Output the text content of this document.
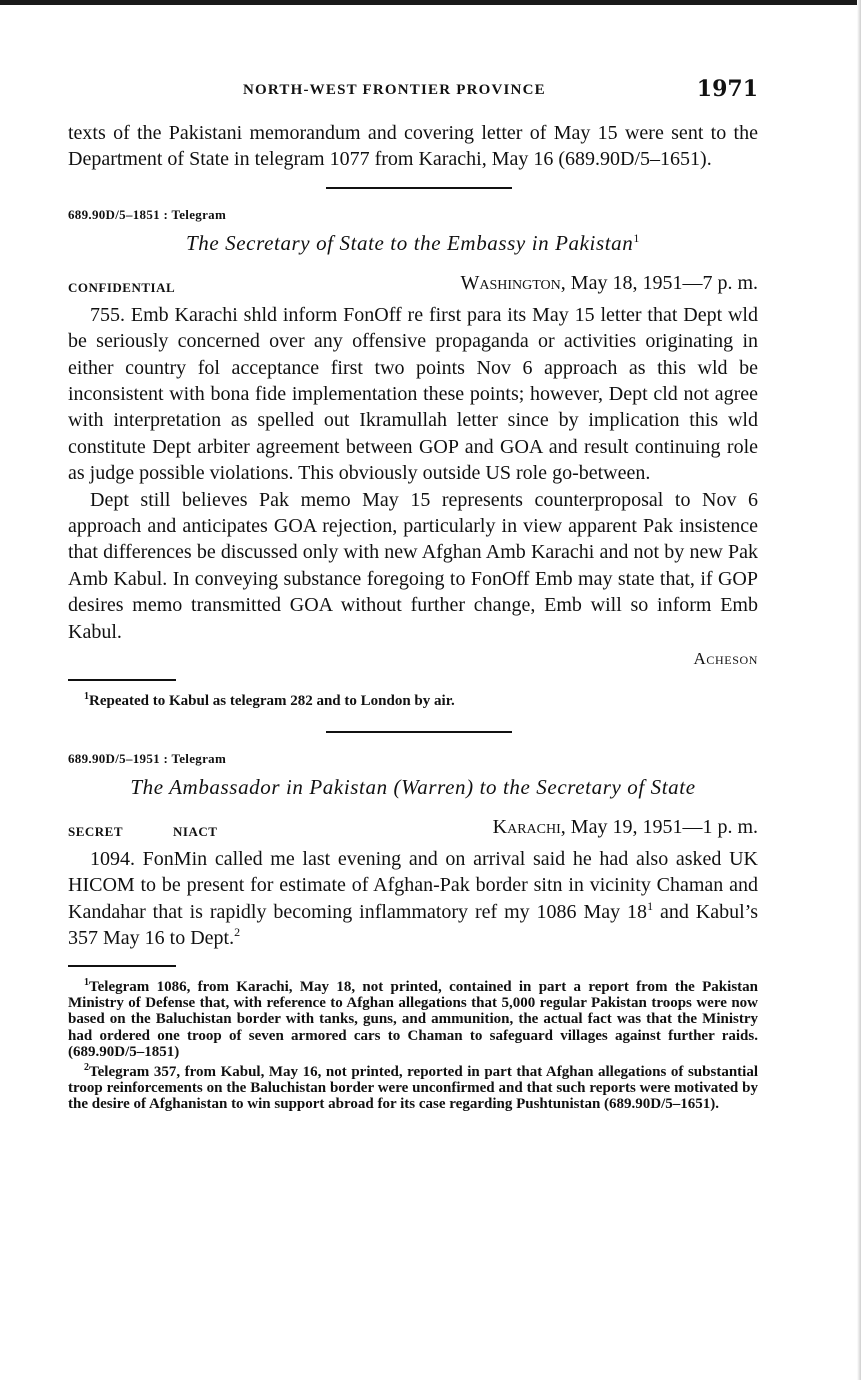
NORTH-WEST FRONTIER PROVINCE	1971

texts of the Pakistani memorandum and covering letter of May 15 were sent to the Department of State in telegram 1077 from Karachi, May 16 (689.90D/5–1651).

689.90D/5–1851 : Telegram
The Secretary of State to the Embassy in Pakistan$^1$
CONFIDENTIAL	Washington, May 18, 1951—7 p. m.

755. Emb Karachi shld inform FonOff re first para its May 15 letter that Dept wld be seriously concerned over any offensive propaganda or activities originating in either country fol acceptance first two points Nov 6 approach as this wld be inconsistent with bona fide implementation these points; however, Dept cld not agree with interpretation as spelled out Ikramullah letter since by implication this wld constitute Dept arbiter agreement between GOP and GOA and result continuing role as judge possible violations. This obviously outside US role go-between.

Dept still believes Pak memo May 15 represents counterproposal to Nov 6 approach and anticipates GOA rejection, particularly in view apparent Pak insistence that differences be discussed only with new Afghan Amb Karachi and not by new Pak Amb Kabul. In conveying substance foregoing to FonOff Emb may state that, if GOP desires memo transmitted GOA without further change, Emb will so inform Emb Kabul.

Acheson

$^1$Repeated to Kabul as telegram 282 and to London by air.

689.90D/5–1951 : Telegram
The Ambassador in Pakistan (Warren) to the Secretary of State
SECRET	NIACT	Karachi, May 19, 1951—1 p. m.

1094. FonMin called me last evening and on arrival said he had also asked UK HICOM to be present for estimate of Afghan-Pak border sitn in vicinity Chaman and Kandahar that is rapidly becoming inflammatory ref my 1086 May 18$^1$ and Kabul’s 357 May 16 to Dept.$^2$

$^1$Telegram 1086, from Karachi, May 18, not printed, contained in part a report from the Pakistan Ministry of Defense that, with reference to Afghan allegations that 5,000 regular Pakistan troops were now based on the Baluchistan border with tanks, guns, and ammunition, the actual fact was that the Ministry had ordered one troop of seven armored cars to Chaman to safeguard villages against further raids. (689.90D/5–1851)

$^2$Telegram 357, from Kabul, May 16, not printed, reported in part that Afghan allegations of substantial troop reinforcements on the Baluchistan border were unconfirmed and that such reports were motivated by the desire of Afghanistan to win support abroad for its case regarding Pushtunistan (689.90D/5–1651).
